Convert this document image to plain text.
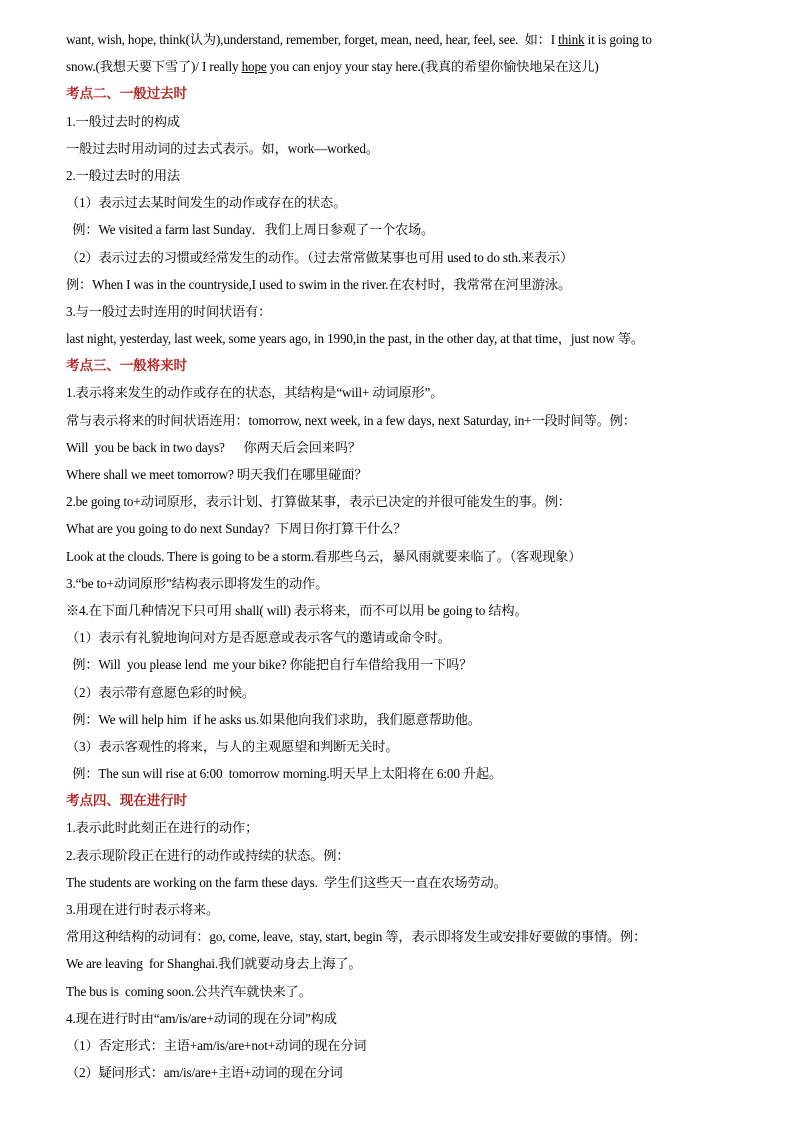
want, wish, hope, think(认为),understand, remember, forget, mean, need, hear, feel, see.  如：I think it is going to
snow.(我想天要下雪了)/ I really hope you can enjoy your stay here.(我真的希望你愉快地呆在这儿)
考点二、一般过去时
1.一般过去时的构成
一般过去时用动词的过去式表示。如，work—worked。
2.一般过去时的用法
（1）表示过去某时间发生的动作或存在的状态。
例：We visited a farm last Sunday．我们上周日参观了一个农场。
（2）表示过去的习惯或经常发生的动作。（过去常常做某事也可用 used to do sth.来表示）
例：When I was in the countryside,I used to swim in the river.在农村时，我常常在河里游泳。
3.与一般过去时连用的时间状语有：
last night, yesterday, last week, some years ago, in 1990,in the past, in the other day, at that time，just now 等。
考点三、一般将来时
1.表示将来发生的动作或存在的状态，其结构是“will+ 动词原形”。
常与表示将来的时间状语连用：tomorrow, next week, in a few days, next Saturday, in+一段时间等。例：
Will  you be back in two days?      你两天后会回来吗？
Where shall we meet tomorrow? 明天我们在哪里碰面？
2.be going to+动词原形，表示计划、打算做某事，表示已决定的并很可能发生的事。例：
What are you going to do next Sunday?  下周日你打算干什么？
Look at the clouds. There is going to be a storm.看那些乌云，暴风雨就要来临了。（客观现象）
3.“be to+动词原形”结构表示即将发生的动作。
※4.在下面几种情况下只可用 shall( will) 表示将来，而不可以用 be going to 结构。
（1）表示有礼貌地询问对方是否愿意或表示客气的邀请或命令时。
例：Will  you please lend  me your bike? 你能把自行车借给我用一下吗？
（2）表示带有意愿色彩的时候。
例：We will help him  if he asks us.如果他向我们求助，我们愿意帮助他。
（3）表示客观性的将来，与人的主观愿望和判断无关时。
例：The sun will rise at 6:00  tomorrow morning.明天早上太阳将在 6:00 升起。
考点四、现在进行时
1.表示此时此刻正在进行的动作；
2.表示现阶段正在进行的动作或持续的状态。例：
The students are working on the farm these days.  学生们这些天一直在农场劳动。
3.用现在进行时表示将来。
常用这种结构的动词有：go, come, leave,  stay, start, begin 等，表示即将发生或安排好要做的事情。例：
We are leaving  for Shanghai.我们就要动身去上海了。
The bus is  coming soon.公共汽车就快来了。
4.现在进行时由“am/is/are+动词的现在分词”构成
（1）否定形式：主语+am/is/are+not+动词的现在分词
（2）疑问形式：am/is/are+主语+动词的现在分词
